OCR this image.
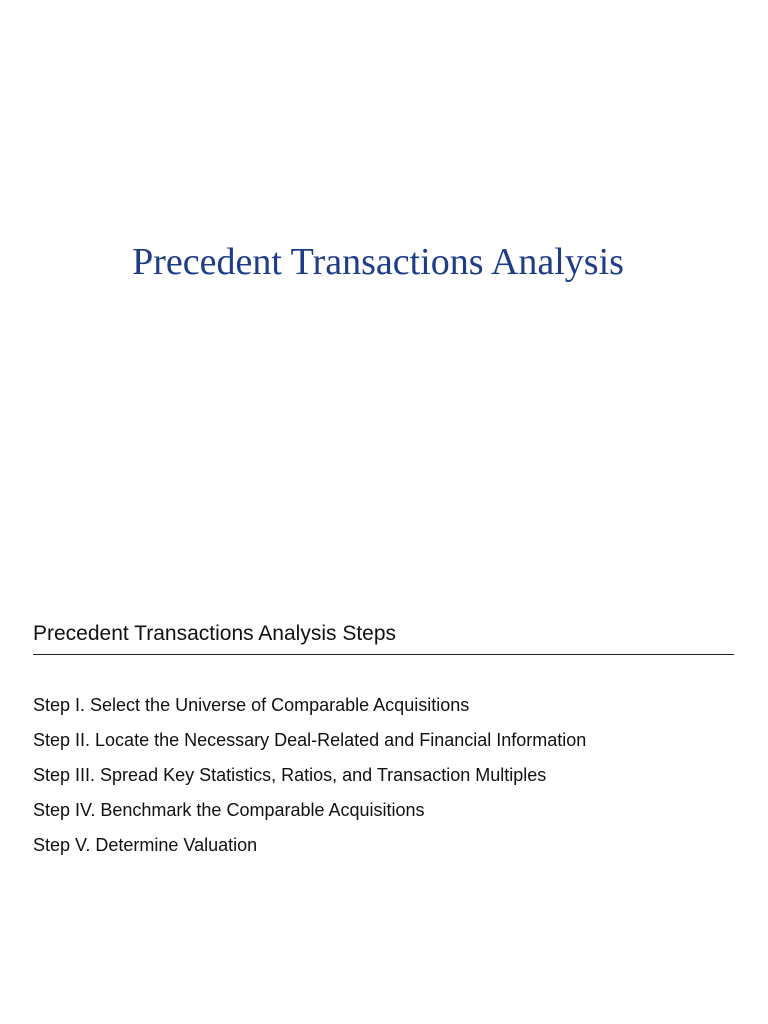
Precedent Transactions Analysis
Precedent Transactions Analysis Steps
Step I. Select the Universe of Comparable Acquisitions
Step II. Locate the Necessary Deal-Related and Financial Information
Step III. Spread Key Statistics, Ratios, and Transaction Multiples
Step IV. Benchmark the Comparable Acquisitions
Step V. Determine Valuation
